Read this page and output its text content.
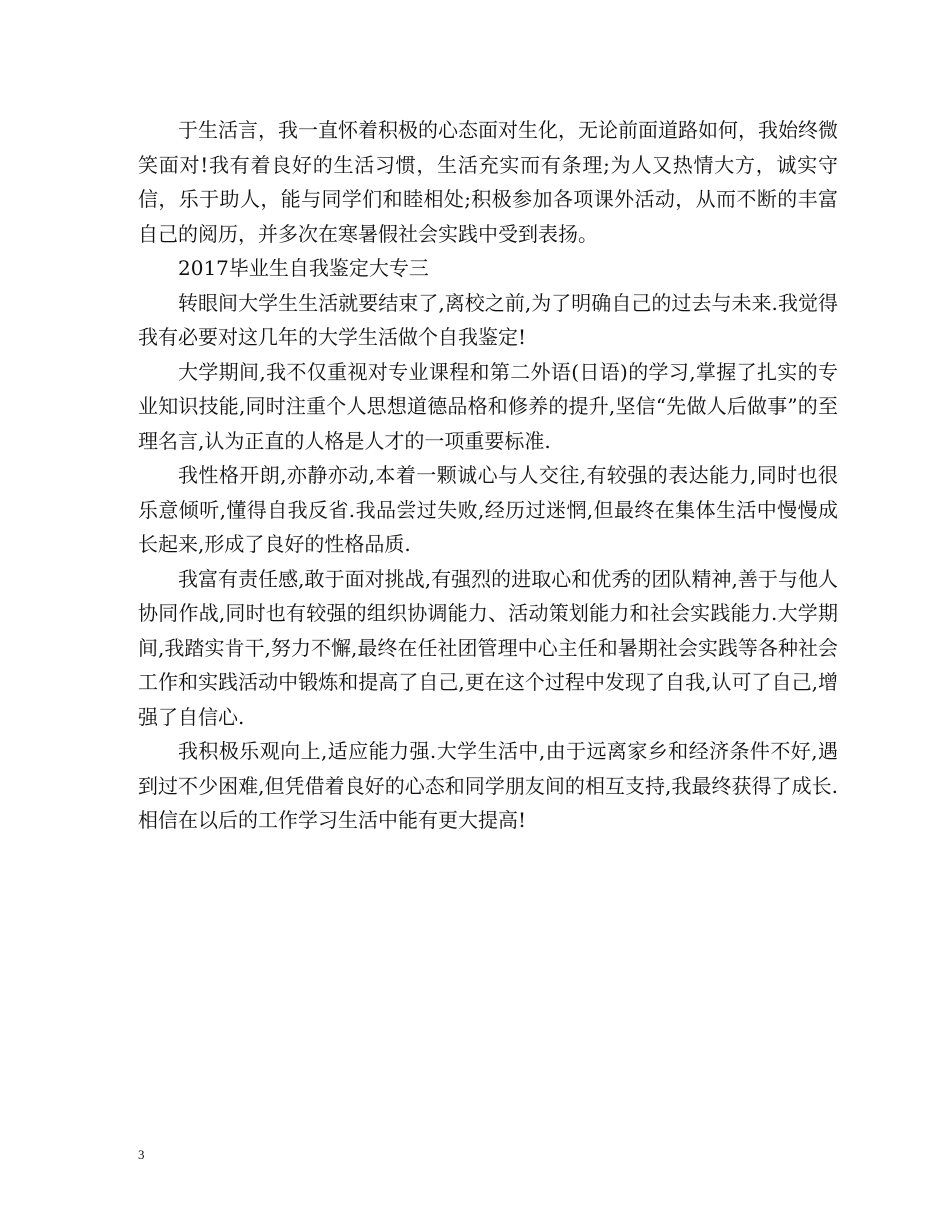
于生活言，我一直怀着积极的心态面对生化，无论前面道路如何，我始终微笑面对!我有着良好的生活习惯，生活充实而有条理;为人又热情大方，诚实守信，乐于助人，能与同学们和睦相处;积极参加各项课外活动，从而不断的丰富自己的阅历，并多次在寒暑假社会实践中受到表扬。

2017毕业生自我鉴定大专三

转眼间大学生生活就要结束了,离校之前,为了明确自己的过去与未来.我觉得我有必要对这几年的大学生活做个自我鉴定!

大学期间,我不仅重视对专业课程和第二外语(日语)的学习,掌握了扎实的专业知识技能,同时注重个人思想道德品格和修养的提升,坚信“先做人后做事”的至理名言,认为正直的人格是人才的一项重要标准.

我性格开朗,亦静亦动,本着一颗诚心与人交往,有较强的表达能力,同时也很乐意倾听,懂得自我反省.我品尝过失败,经历过迷惘,但最终在集体生活中慢慢成长起来,形成了良好的性格品质.

我富有责任感,敢于面对挑战,有强烈的进取心和优秀的团队精神,善于与他人协同作战,同时也有较强的组织协调能力、活动策划能力和社会实践能力.大学期间,我踏实肯干,努力不懈,最终在任社团管理中心主任和暑期社会实践等各种社会工作和实践活动中锻炼和提高了自己,更在这个过程中发现了自我,认可了自己,增强了自信心.

我积极乐观向上,适应能力强.大学生活中,由于远离家乡和经济条件不好,遇到过不少困难,但凭借着良好的心态和同学朋友间的相互支持,我最终获得了成长.相信在以后的工作学习生活中能有更大提高!

3
